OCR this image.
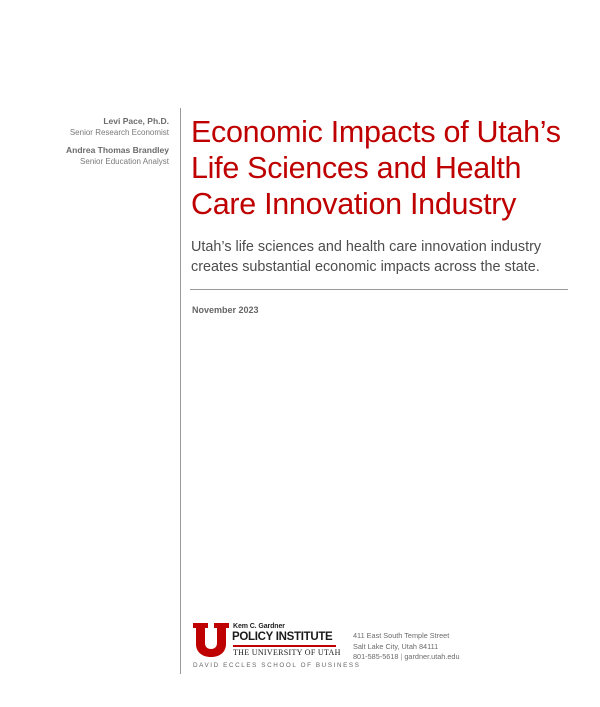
Levi Pace, Ph.D.
Senior Research Economist
Andrea Thomas Brandley
Senior Education Analyst
Economic Impacts of Utah’s
Life Sciences and Health
Care Innovation Industry

Utah’s life sciences and health care innovation industry
creates substantial economic impacts across the state.

November 2023
Kem C. Gardner
POLICY INSTITUTE
THE UNIVERSITY OF UTAH
DAVID ECCLES SCHOOL OF BUSINESS
411 East South Temple Street
Salt Lake City, Utah 84111
801-585-5618 | gardner.utah.edu
